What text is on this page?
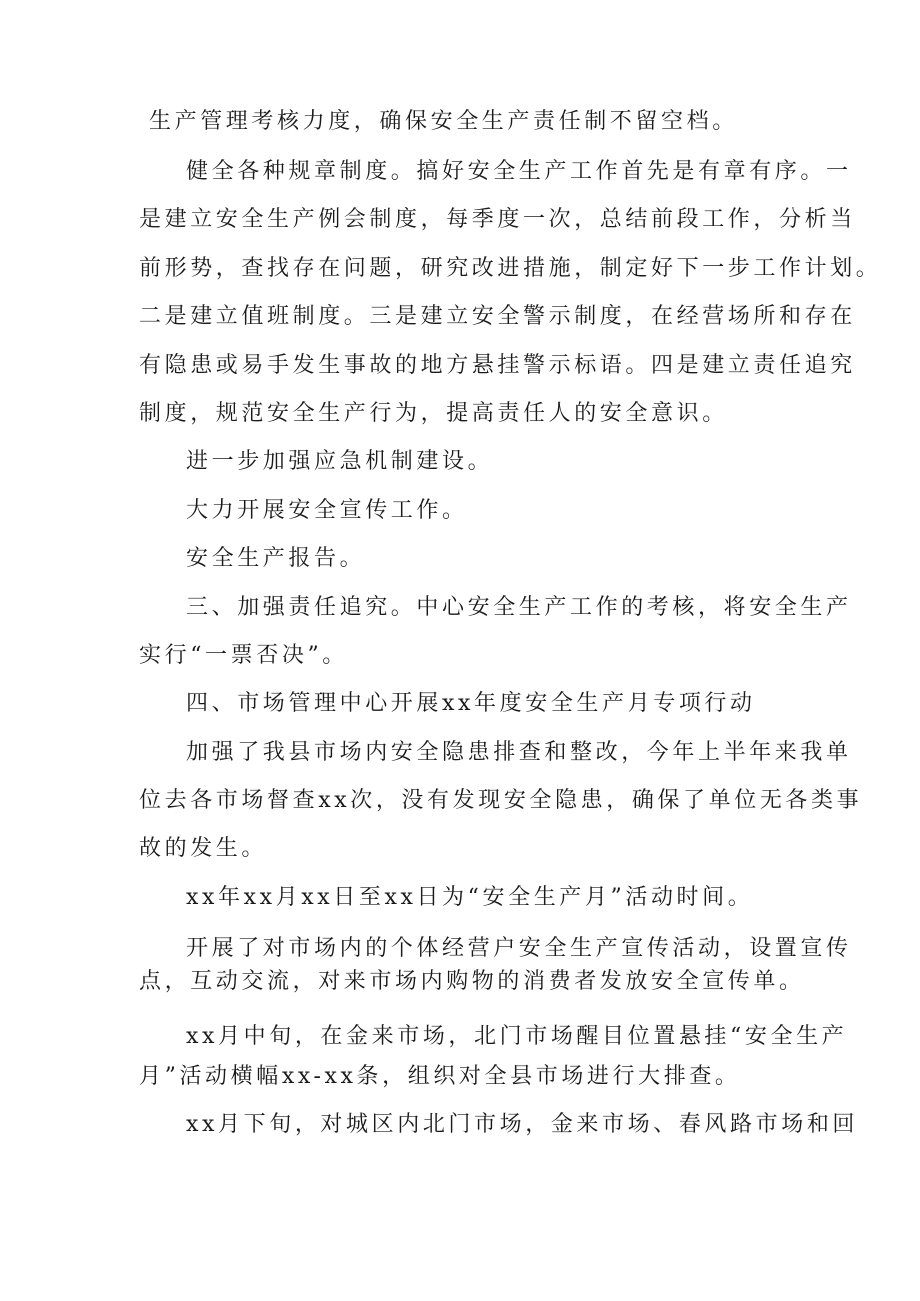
生产管理考核力度，确保安全生产责任制不留空档。
健全各种规章制度。搞好安全生产工作首先是有章有序。一
是建立安全生产例会制度，每季度一次，总结前段工作，分析当
前形势，查找存在问题，研究改进措施，制定好下一步工作计划。
二是建立值班制度。三是建立安全警示制度，在经营场所和存在
有隐患或易手发生事故的地方悬挂警示标语。四是建立责任追究
制度，规范安全生产行为，提高责任人的安全意识。
进一步加强应急机制建设。
大力开展安全宣传工作。
安全生产报告。
三、加强责任追究。中心安全生产工作的考核，将安全生产
实行“一票否决”。
四、市场管理中心开展xx年度安全生产月专项行动
加强了我县市场内安全隐患排查和整改，今年上半年来我单
位去各市场督查xx次，没有发现安全隐患，确保了单位无各类事
故的发生。
xx年xx月xx日至xx日为“安全生产月”活动时间。
开展了对市场内的个体经营户安全生产宣传活动，设置宣传
点，互动交流，对来市场内购物的消费者发放安全宣传单。
xx月中旬，在金来市场，北门市场醒目位置悬挂“安全生产
月”活动横幅xx-xx条，组织对全县市场进行大排查。
xx月下旬，对城区内北门市场，金来市场、春风路市场和回
